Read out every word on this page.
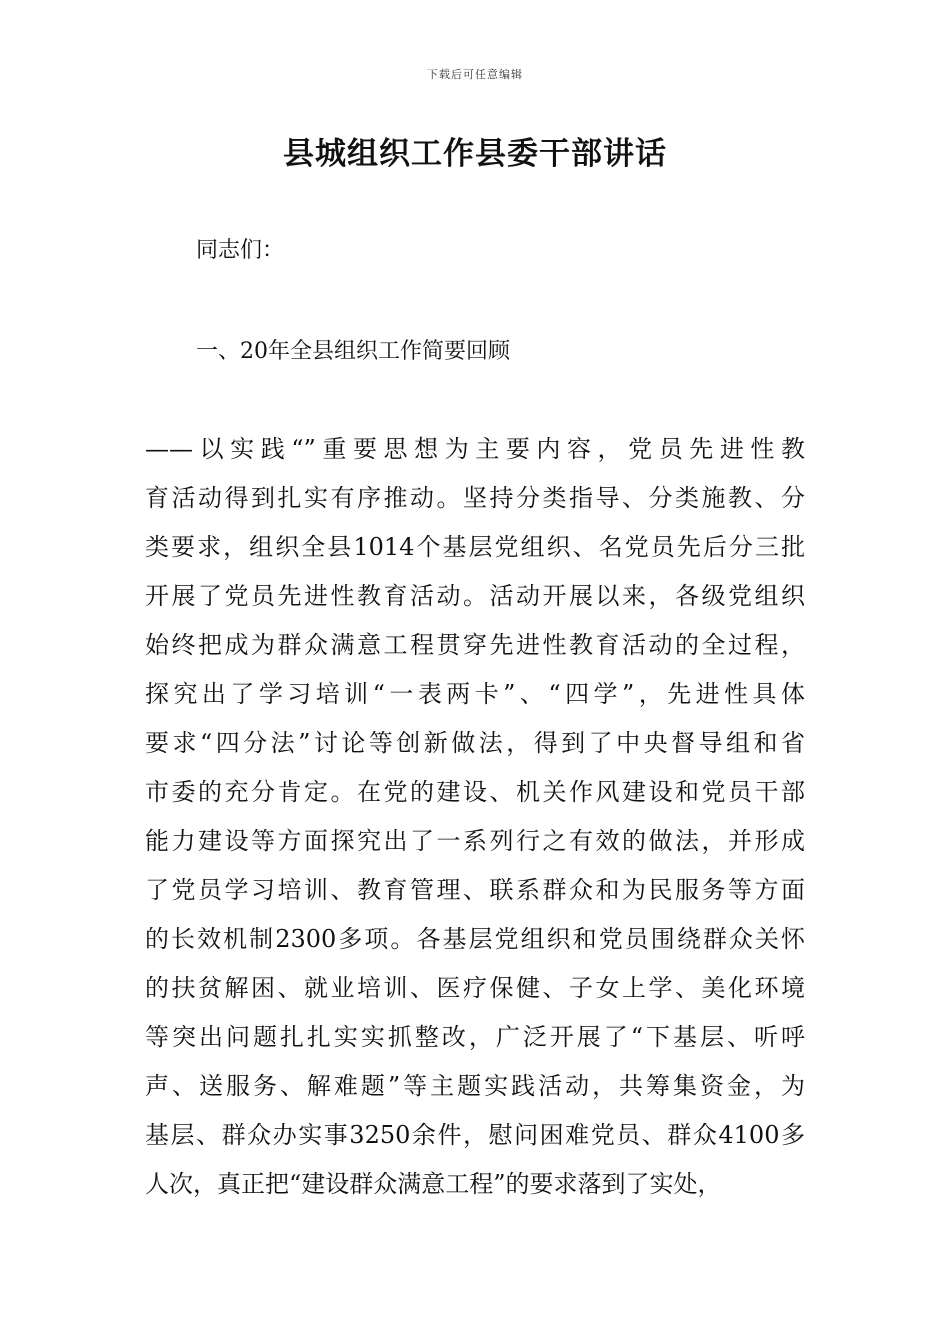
下载后可任意编辑
县城组织工作县委干部讲话

同志们：

一、20年全县组织工作简要回顾

——以实践“”重要思想为主要内容，党员先进性教
育活动得到扎实有序推动。坚持分类指导、分类施教、分
类要求，组织全县1014个基层党组织、名党员先后分三批
开展了党员先进性教育活动。活动开展以来，各级党组织
始终把成为群众满意工程贯穿先进性教育活动的全过程，
探究出了学习培训“一表两卡”、“四学”，先进性具体
要求“四分法”讨论等创新做法，得到了中央督导组和省
市委的充分肯定。在党的建设、机关作风建设和党员干部
能力建设等方面探究出了一系列行之有效的做法，并形成
了党员学习培训、教育管理、联系群众和为民服务等方面
的长效机制2300多项。各基层党组织和党员围绕群众关怀
的扶贫解困、就业培训、医疗保健、子女上学、美化环境
等突出问题扎扎实实抓整改，广泛开展了“下基层、听呼
声、送服务、解难题”等主题实践活动，共筹集资金，为
基层、群众办实事3250余件，慰问困难党员、群众4100多
人次，真正把“建设群众满意工程”的要求落到了实处，
